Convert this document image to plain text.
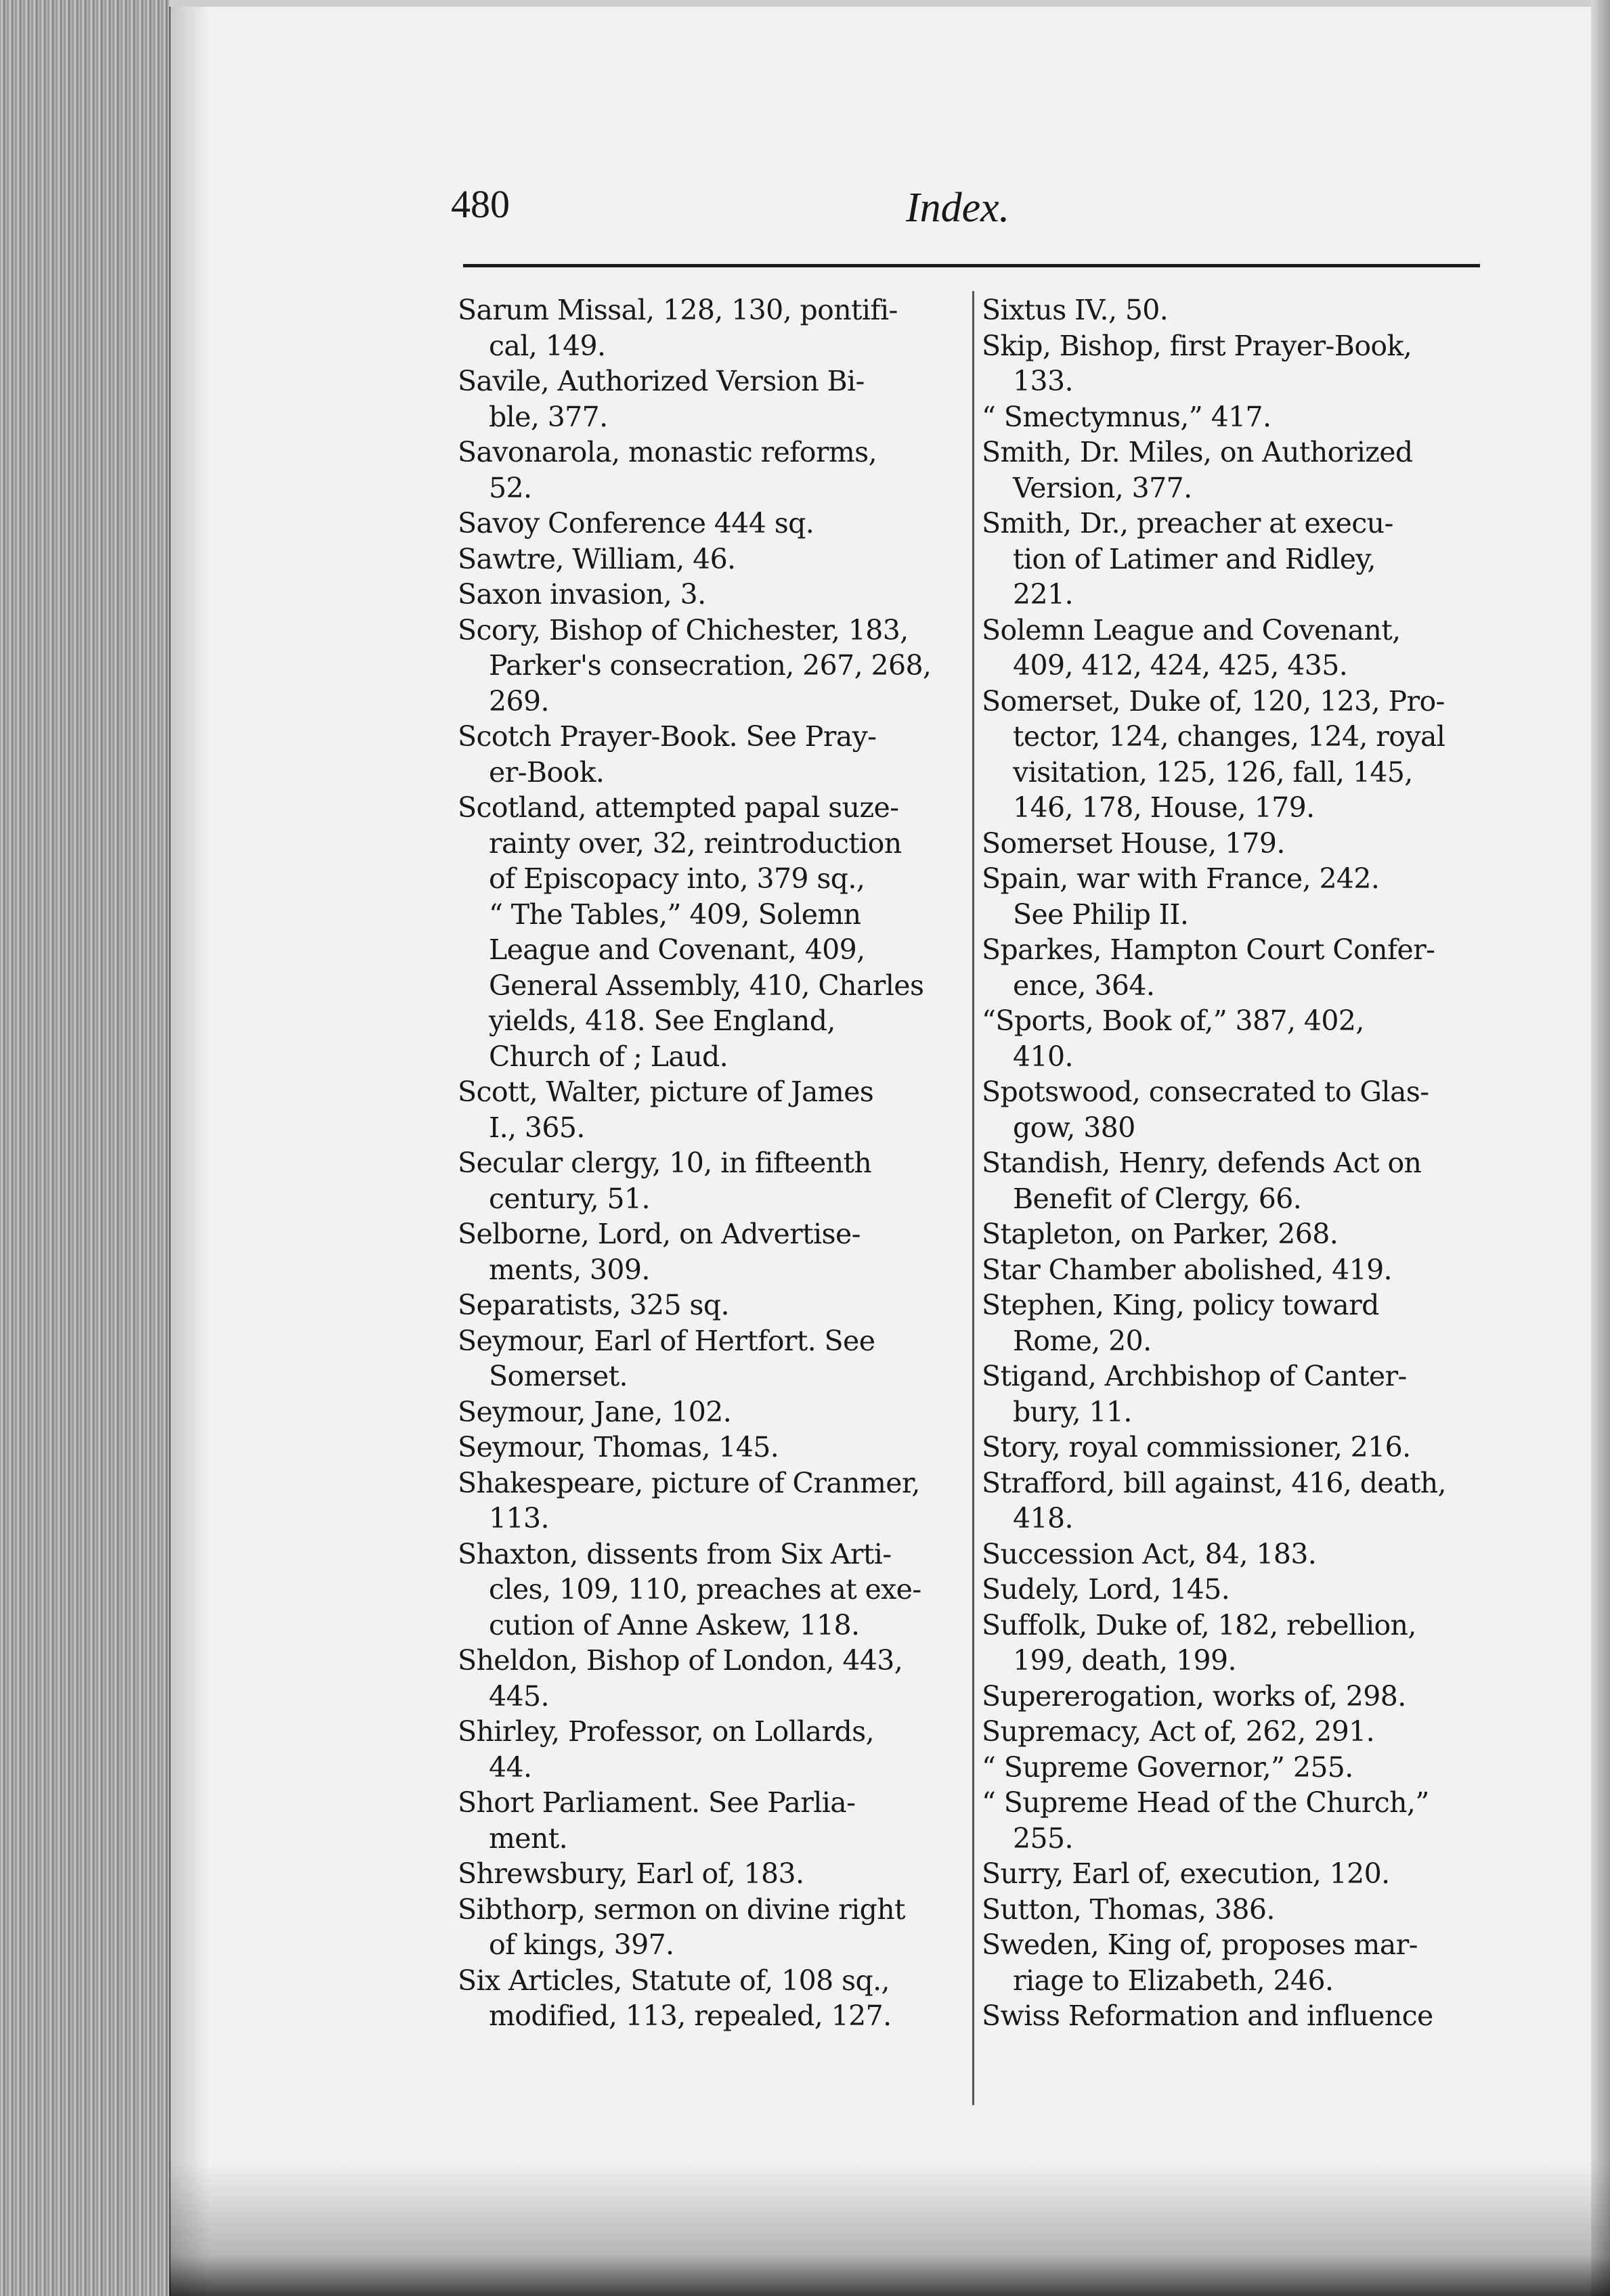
480	Index.
Sarum Missal, 128, 130, pontifi-
cal, 149.
Savile, Authorized Version Bi-
ble, 377.
Savonarola, monastic reforms,
52.
Savoy Conference 444 sq.
Sawtre, William, 46.
Saxon invasion, 3.
Scory, Bishop of Chichester, 183,
Parker's consecration, 267, 268,
269.
Scotch Prayer-Book. See Pray-
er-Book.
Scotland, attempted papal suze-
rainty over, 32, reintroduction
of Episcopacy into, 379 sq.,
“ The Tables,” 409, Solemn
League and Covenant, 409,
General Assembly, 410, Charles
yields, 418. See England,
Church of ; Laud.
Scott, Walter, picture of James
I., 365.
Secular clergy, 10, in fifteenth
century, 51.
Selborne, Lord, on Advertise-
ments, 309.
Separatists, 325 sq.
Seymour, Earl of Hertfort. See
Somerset.
Seymour, Jane, 102.
Seymour, Thomas, 145.
Shakespeare, picture of Cranmer,
113.
Shaxton, dissents from Six Arti-
cles, 109, 110, preaches at exe-
cution of Anne Askew, 118.
Sheldon, Bishop of London, 443,
445.
Shirley, Professor, on Lollards,
44.
Short Parliament. See Parlia-
ment.
Shrewsbury, Earl of, 183.
Sibthorp, sermon on divine right
of kings, 397.
Six Articles, Statute of, 108 sq.,
modified, 113, repealed, 127.
Sixtus IV., 50.
Skip, Bishop, first Prayer-Book,
133.
“ Smectymnus,” 417.
Smith, Dr. Miles, on Authorized
Version, 377.
Smith, Dr., preacher at execu-
tion of Latimer and Ridley,
221.
Solemn League and Covenant,
409, 412, 424, 425, 435.
Somerset, Duke of, 120, 123, Pro-
tector, 124, changes, 124, royal
visitation, 125, 126, fall, 145,
146, 178, House, 179.
Somerset House, 179.
Spain, war with France, 242.
See Philip II.
Sparkes, Hampton Court Confer-
ence, 364.
“Sports, Book of,” 387, 402,
410.
Spotswood, consecrated to Glas-
gow, 380
Standish, Henry, defends Act on
Benefit of Clergy, 66.
Stapleton, on Parker, 268.
Star Chamber abolished, 419.
Stephen, King, policy toward
Rome, 20.
Stigand, Archbishop of Canter-
bury, 11.
Story, royal commissioner, 216.
Strafford, bill against, 416, death,
418.
Succession Act, 84, 183.
Sudely, Lord, 145.
Suffolk, Duke of, 182, rebellion,
199, death, 199.
Supererogation, works of, 298.
Supremacy, Act of, 262, 291.
“ Supreme Governor,” 255.
“ Supreme Head of the Church,”
255.
Surry, Earl of, execution, 120.
Sutton, Thomas, 386.
Sweden, King of, proposes mar-
riage to Elizabeth, 246.
Swiss Reformation and influence
